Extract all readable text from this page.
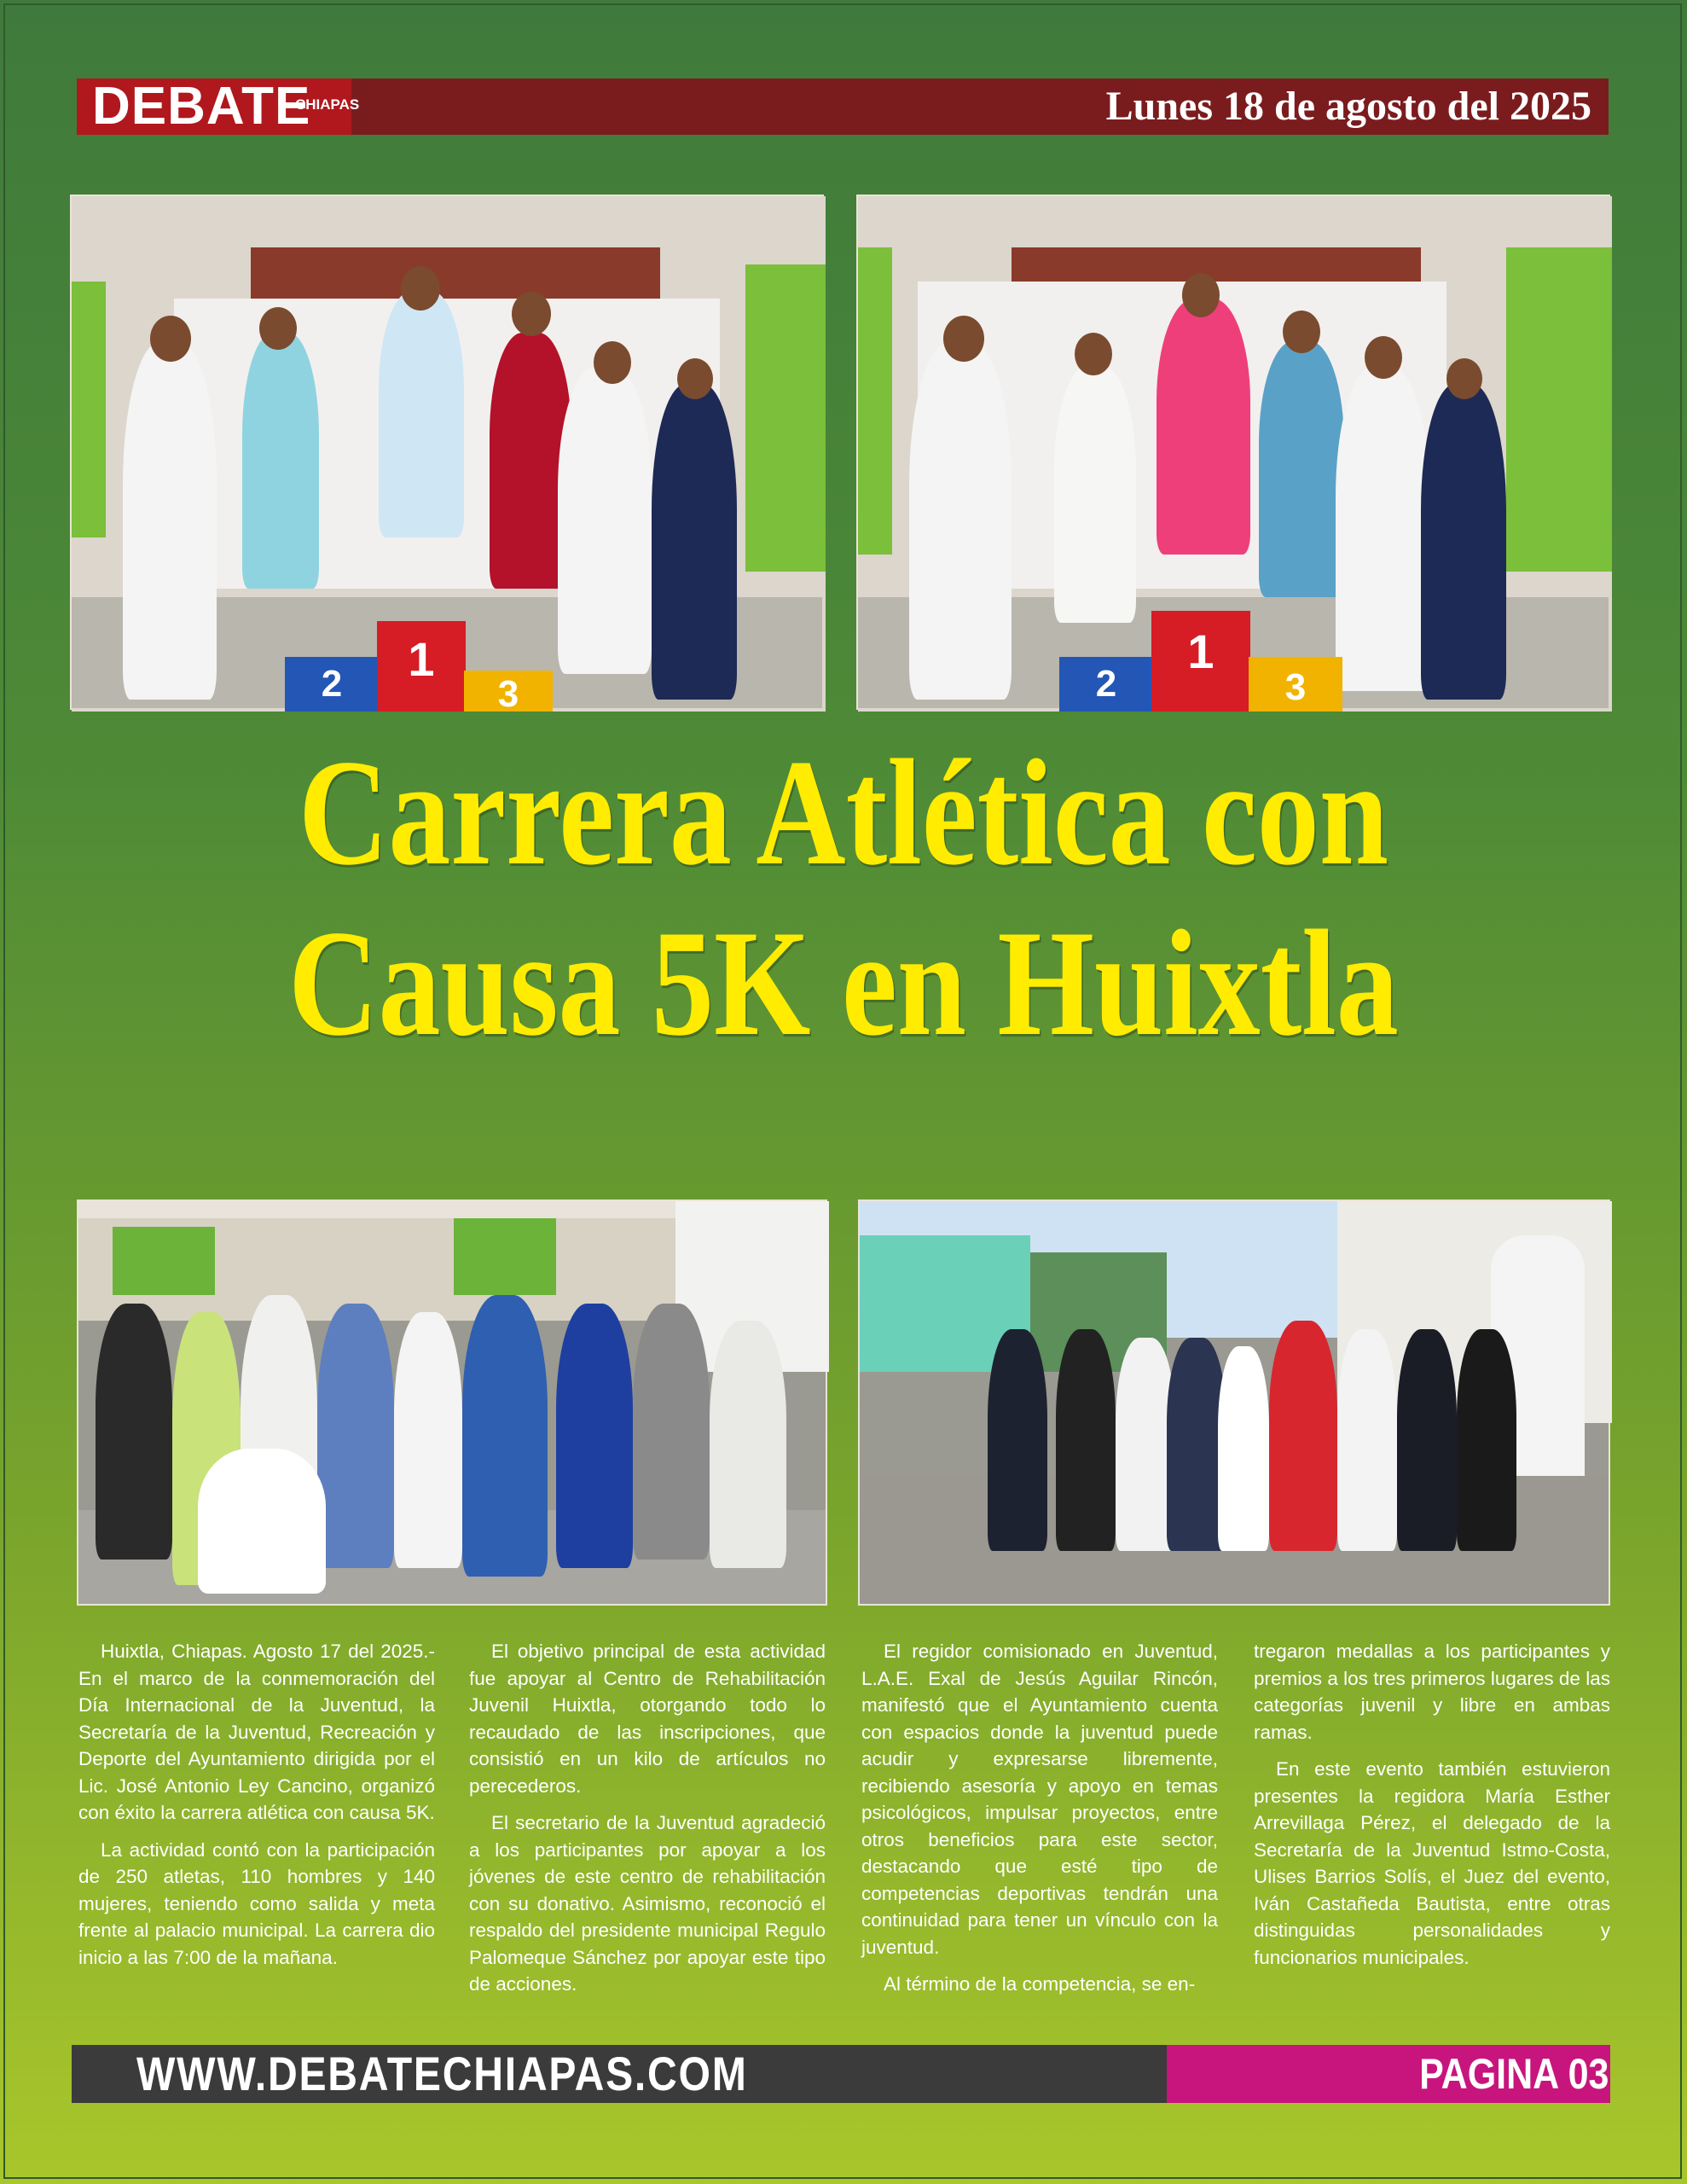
DEBATE
CHIAPAS	Lunes 18 de agosto del 2025
2	1
3	2
1
3
Carrera Atlética con
Causa 5K en Huixtla

Huixtla, Chiapas. Agosto 17 del 2025.- En el marco de la conmemoración del Día Internacional de la Juventud, la Secretaría de la Juventud, Recreación y Deporte del Ayuntamiento dirigida por el Lic. José Antonio Ley Cancino, organizó con éxito la carrera atlética con causa 5K.

La actividad contó con la participación de 250 atletas, 110 hombres y 140 mujeres, teniendo como salida y meta frente al palacio municipal. La carrera dio inicio a las 7:00 de la mañana.

El objetivo principal de esta actividad fue apoyar al Centro de Rehabilitación Juvenil Huixtla, otorgando todo lo recaudado de las inscripciones, que consistió en un kilo de artículos no perecederos.

El secretario de la Juventud agradeció a los participantes por apoyar a los jóvenes de este centro de rehabilitación con su donativo. Asimismo, reconoció el respaldo del presidente municipal Regulo Palomeque Sánchez por apoyar este tipo de acciones.

El regidor comisionado en Juventud, L.A.E. Exal de Jesús Aguilar Rincón, manifestó que el Ayuntamiento cuenta con espacios donde la juventud puede acudir y expresarse libremente, recibiendo asesoría y apoyo en temas psicológicos, impulsar proyectos, entre otros beneficios para este sector, destacando que esté tipo de competencias deportivas tendrán una continuidad para tener un vínculo con la juventud.

Al término de la competencia, se en-

tregaron medallas a los participantes y premios a los tres primeros lugares de las categorías juvenil y libre en ambas ramas.

En este evento también estuvieron presentes la regidora María Esther Arrevillaga Pérez, el delegado de la Secretaría de la Juventud Istmo-Costa, Ulises Barrios Solís, el Juez del evento, Iván Castañeda Bautista, entre otras distinguidas personalidades y funcionarios municipales.

WWW.DEBATECHIAPAS.COM	PAGINA 03
